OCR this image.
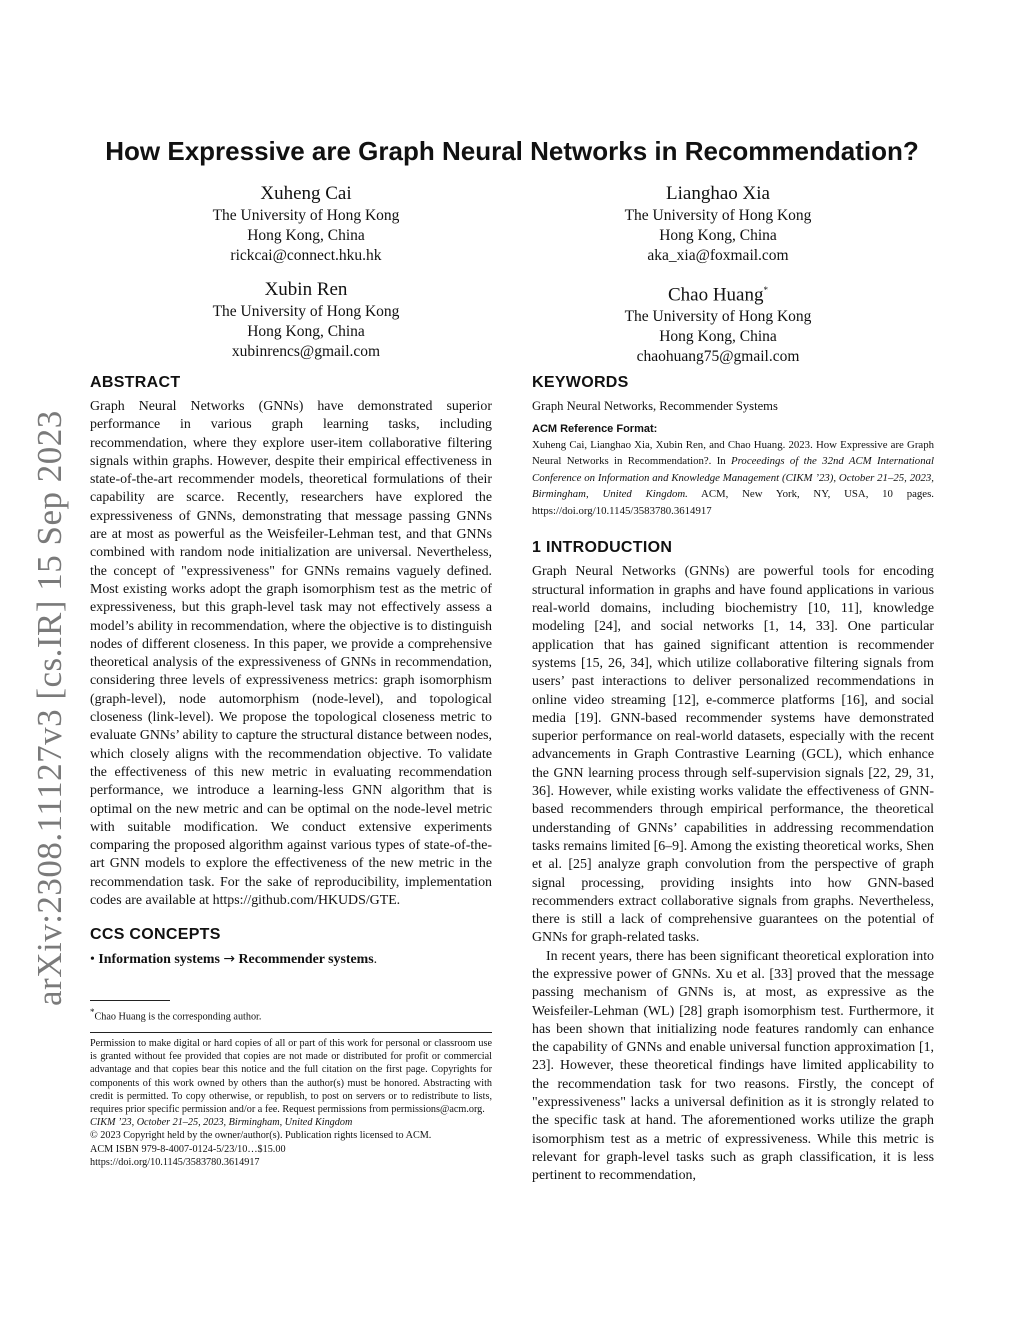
arXiv:2308.11127v3 [cs.IR] 15 Sep 2023
How Expressive are Graph Neural Networks in Recommendation?
Xuheng Cai
The University of Hong Kong
Hong Kong, China
rickcai@connect.hku.hk
Lianghao Xia
The University of Hong Kong
Hong Kong, China
aka_xia@foxmail.com
Xubin Ren
The University of Hong Kong
Hong Kong, China
xubinrencs@gmail.com
Chao Huang*
The University of Hong Kong
Hong Kong, China
chaohuang75@gmail.com
ABSTRACT

Graph Neural Networks (GNNs) have demonstrated superior performance in various graph learning tasks, including recommendation, where they explore user-item collaborative filtering signals within graphs. However, despite their empirical effectiveness in state-of-the-art recommender models, theoretical formulations of their capability are scarce. Recently, researchers have explored the expressiveness of GNNs, demonstrating that message passing GNNs are at most as powerful as the Weisfeiler-Lehman test, and that GNNs combined with random node initialization are universal. Nevertheless, the concept of "expressiveness" for GNNs remains vaguely defined. Most existing works adopt the graph isomorphism test as the metric of expressiveness, but this graph-level task may not effectively assess a model’s ability in recommendation, where the objective is to distinguish nodes of different closeness. In this paper, we provide a comprehensive theoretical analysis of the expressiveness of GNNs in recommendation, considering three levels of expressiveness metrics: graph isomorphism (graph-level), node automorphism (node-level), and topological closeness (link-level). We propose the topological closeness metric to evaluate GNNs’ ability to capture the structural distance between nodes, which closely aligns with the recommendation objective. To validate the effectiveness of this new metric in evaluating recommendation performance, we introduce a learning-less GNN algorithm that is optimal on the new metric and can be optimal on the node-level metric with suitable modification. We conduct extensive experiments comparing the proposed algorithm against various types of state-of-the-art GNN models to explore the effectiveness of the new metric in the recommendation task. For the sake of reproducibility, implementation codes are available at https://github.com/HKUDS/GTE.

CCS CONCEPTS

• Information systems → Recommender systems.

*Chao Huang is the corresponding author.

Permission to make digital or hard copies of all or part of this work for personal or classroom use is granted without fee provided that copies are not made or distributed for profit or commercial advantage and that copies bear this notice and the full citation on the first page. Copyrights for components of this work owned by others than the author(s) must be honored. Abstracting with credit is permitted. To copy otherwise, or republish, to post on servers or to redistribute to lists, requires prior specific permission and/or a fee. Request permissions from permissions@acm.org.

CIKM ’23, October 21–25, 2023, Birmingham, United Kingdom

© 2023 Copyright held by the owner/author(s). Publication rights licensed to ACM.

ACM ISBN 979-8-4007-0124-5/23/10…$15.00

https://doi.org/10.1145/3583780.3614917

KEYWORDS

Graph Neural Networks, Recommender Systems

ACM Reference Format:

Xuheng Cai, Lianghao Xia, Xubin Ren, and Chao Huang. 2023. How Expressive are Graph Neural Networks in Recommendation?. In Proceedings of the 32nd ACM International Conference on Information and Knowledge Management (CIKM ’23), October 21–25, 2023, Birmingham, United Kingdom. ACM, New York, NY, USA, 10 pages. https://doi.org/10.1145/3583780.3614917

1 INTRODUCTION

Graph Neural Networks (GNNs) are powerful tools for encoding structural information in graphs and have found applications in various real-world domains, including biochemistry [10, 11], knowledge modeling [24], and social networks [1, 14, 33]. One particular application that has gained significant attention is recommender systems [15, 26, 34], which utilize collaborative filtering signals from users’ past interactions to deliver personalized recommendations in online video streaming [12], e-commerce platforms [16], and social media [19]. GNN-based recommender systems have demonstrated superior performance on real-world datasets, especially with the recent advancements in Graph Contrastive Learning (GCL), which enhance the GNN learning process through self-supervision signals [22, 29, 31, 36]. However, while existing works validate the effectiveness of GNN-based recommenders through empirical performance, the theoretical understanding of GNNs’ capabilities in addressing recommendation tasks remains limited [6–9]. Among the existing theoretical works, Shen et al. [25] analyze graph convolution from the perspective of graph signal processing, providing insights into how GNN-based recommenders extract collaborative signals from graphs. Nevertheless, there is still a lack of comprehensive guarantees on the potential of GNNs for graph-related tasks.

In recent years, there has been significant theoretical exploration into the expressive power of GNNs. Xu et al. [33] proved that the message passing mechanism of GNNs is, at most, as expressive as the Weisfeiler-Lehman (WL) [28] graph isomorphism test. Furthermore, it has been shown that initializing node features randomly can enhance the capability of GNNs and enable universal function approximation [1, 23]. However, these theoretical findings have limited applicability to the recommendation task for two reasons. Firstly, the concept of "expressiveness" lacks a universal definition as it is strongly related to the specific task at hand. The aforementioned works utilize the graph isomorphism test as a metric of expressiveness. While this metric is relevant for graph-level tasks such as graph classification, it is less pertinent to recommendation,
